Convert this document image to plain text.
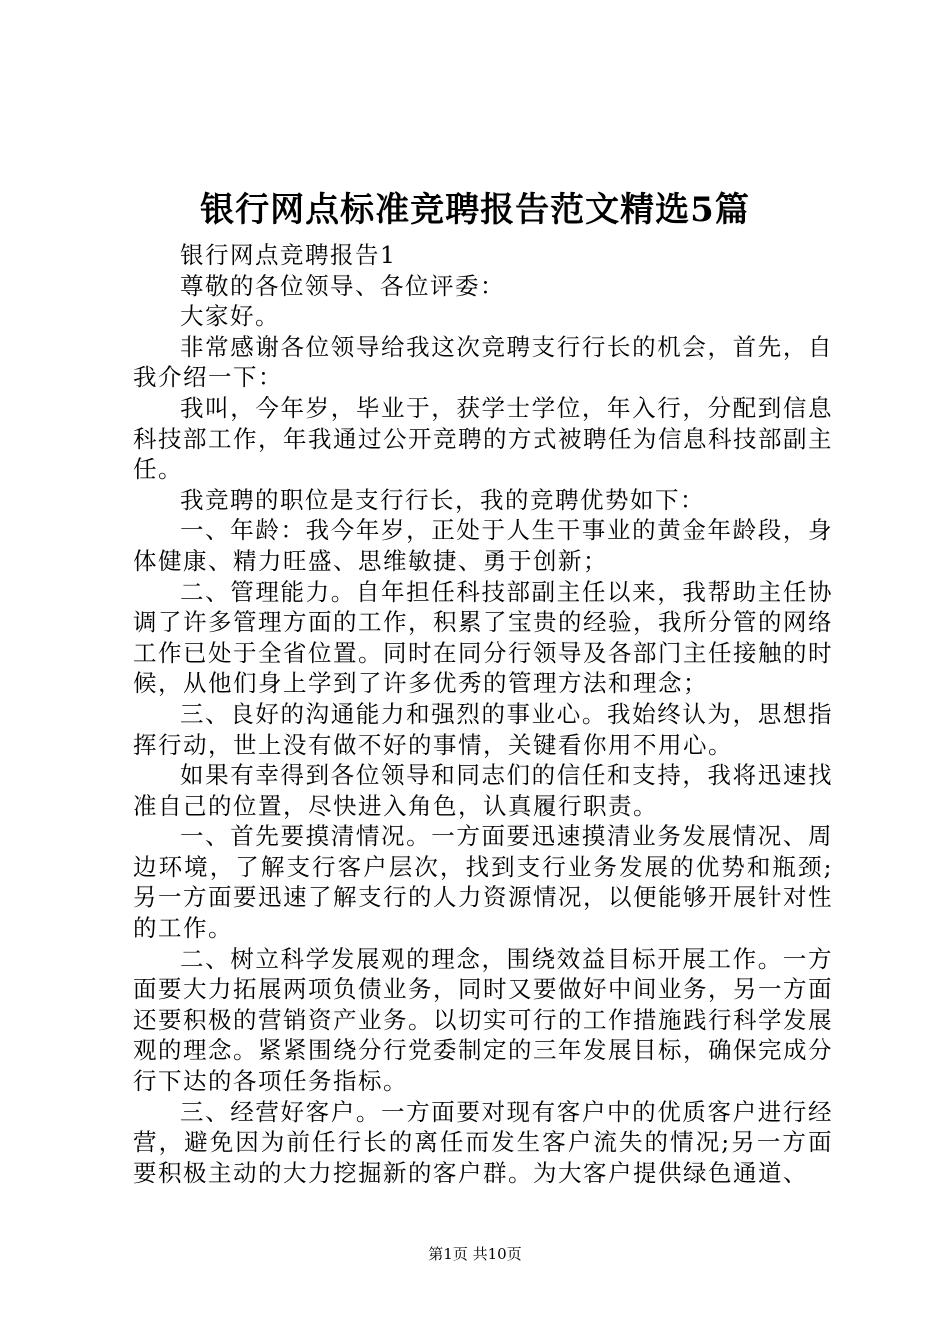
银行网点标准竞聘报告范文精选5篇

银行网点竞聘报告1

尊敬的各位领导、各位评委：

大家好。

非常感谢各位领导给我这次竞聘支行行长的机会，首先，自我介绍一下：

我叫，今年岁，毕业于，获学士学位，年入行，分配到信息科技部工作，年我通过公开竞聘的方式被聘任为信息科技部副主任。

我竞聘的职位是支行行长，我的竞聘优势如下：

一、年龄：我今年岁，正处于人生干事业的黄金年龄段，身体健康、精力旺盛、思维敏捷、勇于创新；

二、管理能力。自年担任科技部副主任以来，我帮助主任协调了许多管理方面的工作，积累了宝贵的经验，我所分管的网络工作已处于全省位置。同时在同分行领导及各部门主任接触的时候，从他们身上学到了许多优秀的管理方法和理念；

三、良好的沟通能力和强烈的事业心。我始终认为，思想指挥行动，世上没有做不好的事情，关键看你用不用心。

如果有幸得到各位领导和同志们的信任和支持，我将迅速找准自己的位置，尽快进入角色，认真履行职责。

一、首先要摸清情况。一方面要迅速摸清业务发展情况、周边环境，了解支行客户层次，找到支行业务发展的优势和瓶颈;另一方面要迅速了解支行的人力资源情况，以便能够开展针对性的工作。

二、树立科学发展观的理念，围绕效益目标开展工作。一方面要大力拓展两项负债业务，同时又要做好中间业务，另一方面还要积极的营销资产业务。以切实可行的工作措施践行科学发展观的理念。紧紧围绕分行党委制定的三年发展目标，确保完成分行下达的各项任务指标。

三、经营好客户。一方面要对现有客户中的优质客户进行经营，避免因为前任行长的离任而发生客户流失的情况;另一方面要积极主动的大力挖掘新的客户群。为大客户提供绿色通道、

第1页 共10页
